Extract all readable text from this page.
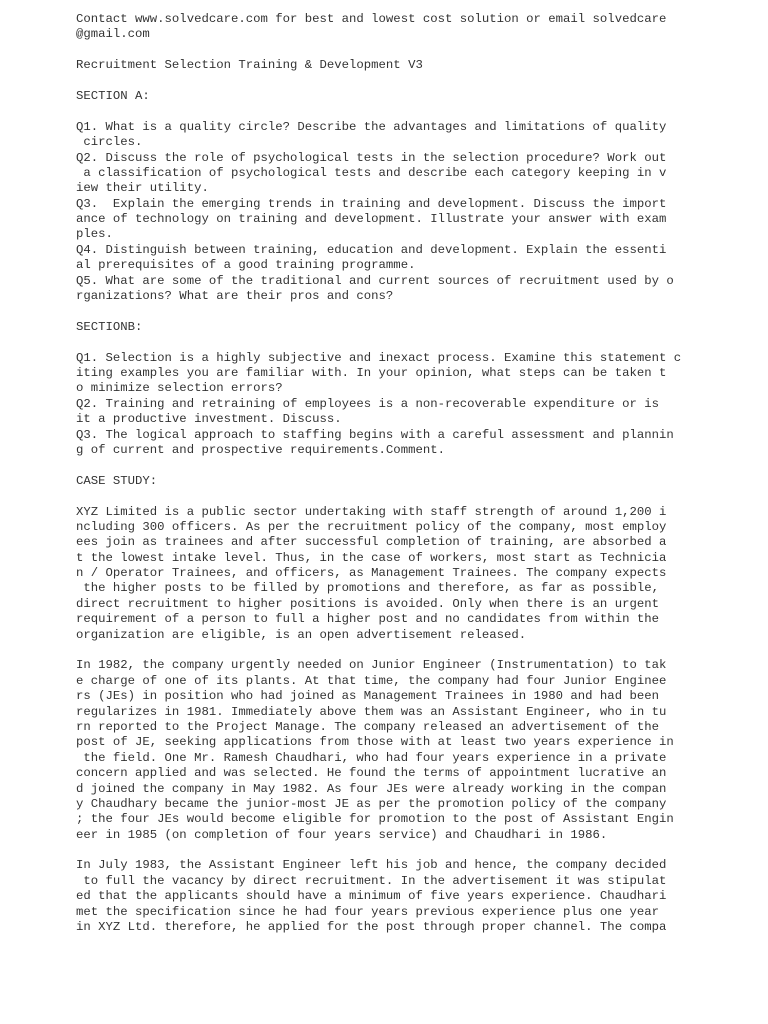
Contact www.solvedcare.com for best and lowest cost solution or email solvedcare
@gmail.com
Recruitment Selection Training & Development V3
SECTION A:
Q1. What is a quality circle? Describe the advantages and limitations of quality
circles.
Q2. Discuss the role of psychological tests in the selection procedure? Work out
a classification of psychological tests and describe each category keeping in v
iew their utility.
Q3.  Explain the emerging trends in training and development. Discuss the import
ance of technology on training and development. Illustrate your answer with exam
ples.
Q4. Distinguish between training, education and development. Explain the essenti
al prerequisites of a good training programme.
Q5. What are some of the traditional and current sources of recruitment used by o
rganizations? What are their pros and cons?
SECTIONB:
Q1. Selection is a highly subjective and inexact process. Examine this statement c
iting examples you are familiar with. In your opinion, what steps can be taken t
o minimize selection errors?
Q2. Training and retraining of employees is a non-recoverable expenditure or is
it a productive investment. Discuss.
Q3. The logical approach to staffing begins with a careful assessment and plannin
g of current and prospective requirements.Comment.
CASE STUDY:
XYZ Limited is a public sector undertaking with staff strength of around 1,200 i
ncluding 300 officers. As per the recruitment policy of the company, most employ
ees join as trainees and after successful completion of training, are absorbed a
t the lowest intake level. Thus, in the case of workers, most start as Technicia
n / Operator Trainees, and officers, as Management Trainees. The company expects
the higher posts to be filled by promotions and therefore, as far as possible,
direct recruitment to higher positions is avoided. Only when there is an urgent
requirement of a person to full a higher post and no candidates from within the
organization are eligible, is an open advertisement released.
In 1982, the company urgently needed on Junior Engineer (Instrumentation) to tak
e charge of one of its plants. At that time, the company had four Junior Enginee
rs (JEs) in position who had joined as Management Trainees in 1980 and had been
regularizes in 1981. Immediately above them was an Assistant Engineer, who in tu
rn reported to the Project Manage. The company released an advertisement of the
post of JE, seeking applications from those with at least two years experience in
the field. One Mr. Ramesh Chaudhari, who had four years experience in a private
concern applied and was selected. He found the terms of appointment lucrative an
d joined the company in May 1982. As four JEs were already working in the compan
y Chaudhary became the junior-most JE as per the promotion policy of the company
; the four JEs would become eligible for promotion to the post of Assistant Engin
eer in 1985 (on completion of four years service) and Chaudhari in 1986.
In July 1983, the Assistant Engineer left his job and hence, the company decided
to full the vacancy by direct recruitment. In the advertisement it was stipulat
ed that the applicants should have a minimum of five years experience. Chaudhari
met the specification since he had four years previous experience plus one year
in XYZ Ltd. therefore, he applied for the post through proper channel. The compa
